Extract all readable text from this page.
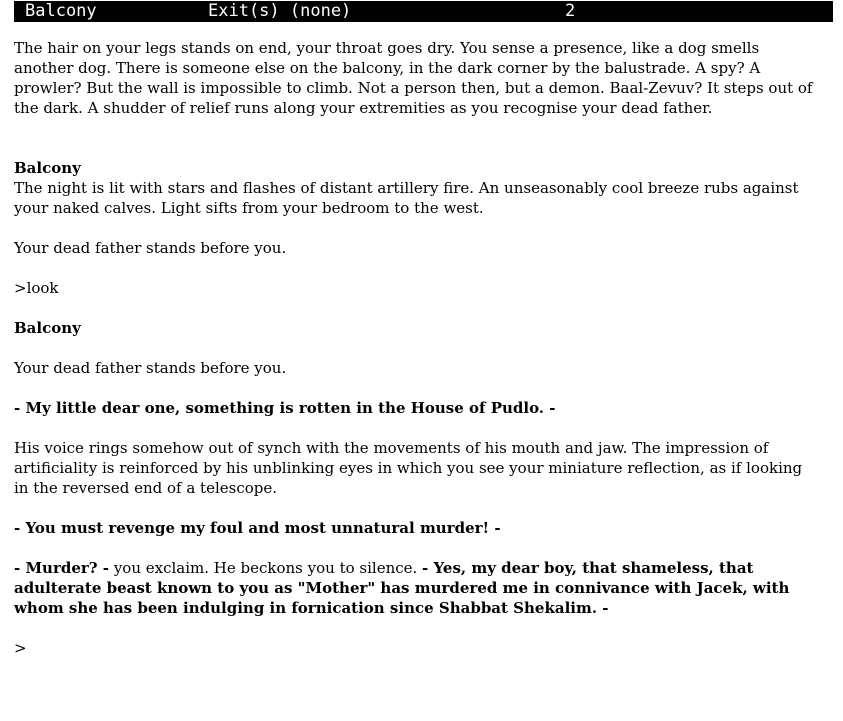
Balcony	Exit(s) (none)	2

The hair on your legs stands on end, your throat goes dry. You sense a presence, like a dog smells another dog. There is someone else on the balcony, in the dark corner by the balustrade. A spy? A prowler? But the wall is impossible to climb. Not a person then, but a demon. Baal-Zevuv? It steps out of the dark. A shudder of relief runs along your extremities as you recognise your dead father.

Balcony
The night is lit with stars and flashes of distant artillery fire. An unseasonably cool breeze rubs against your naked calves. Light sifts from your bedroom to the west.

Your dead father stands before you.

>look

Balcony

Your dead father stands before you.

- My little dear one, something is rotten in the House of Pudlo. -

His voice rings somehow out of synch with the movements of his mouth and jaw. The impression of artificiality is reinforced by his unblinking eyes in which you see your miniature reflection, as if looking in the reversed end of a telescope.

- You must revenge my foul and most unnatural murder! -

- Murder? - you exclaim. He beckons you to silence. - Yes, my dear boy, that shameless, that adulterate beast known to you as "Mother" has murdered me in connivance with Jacek, with whom she has been indulging in fornication since Shabbat Shekalim. -

>
